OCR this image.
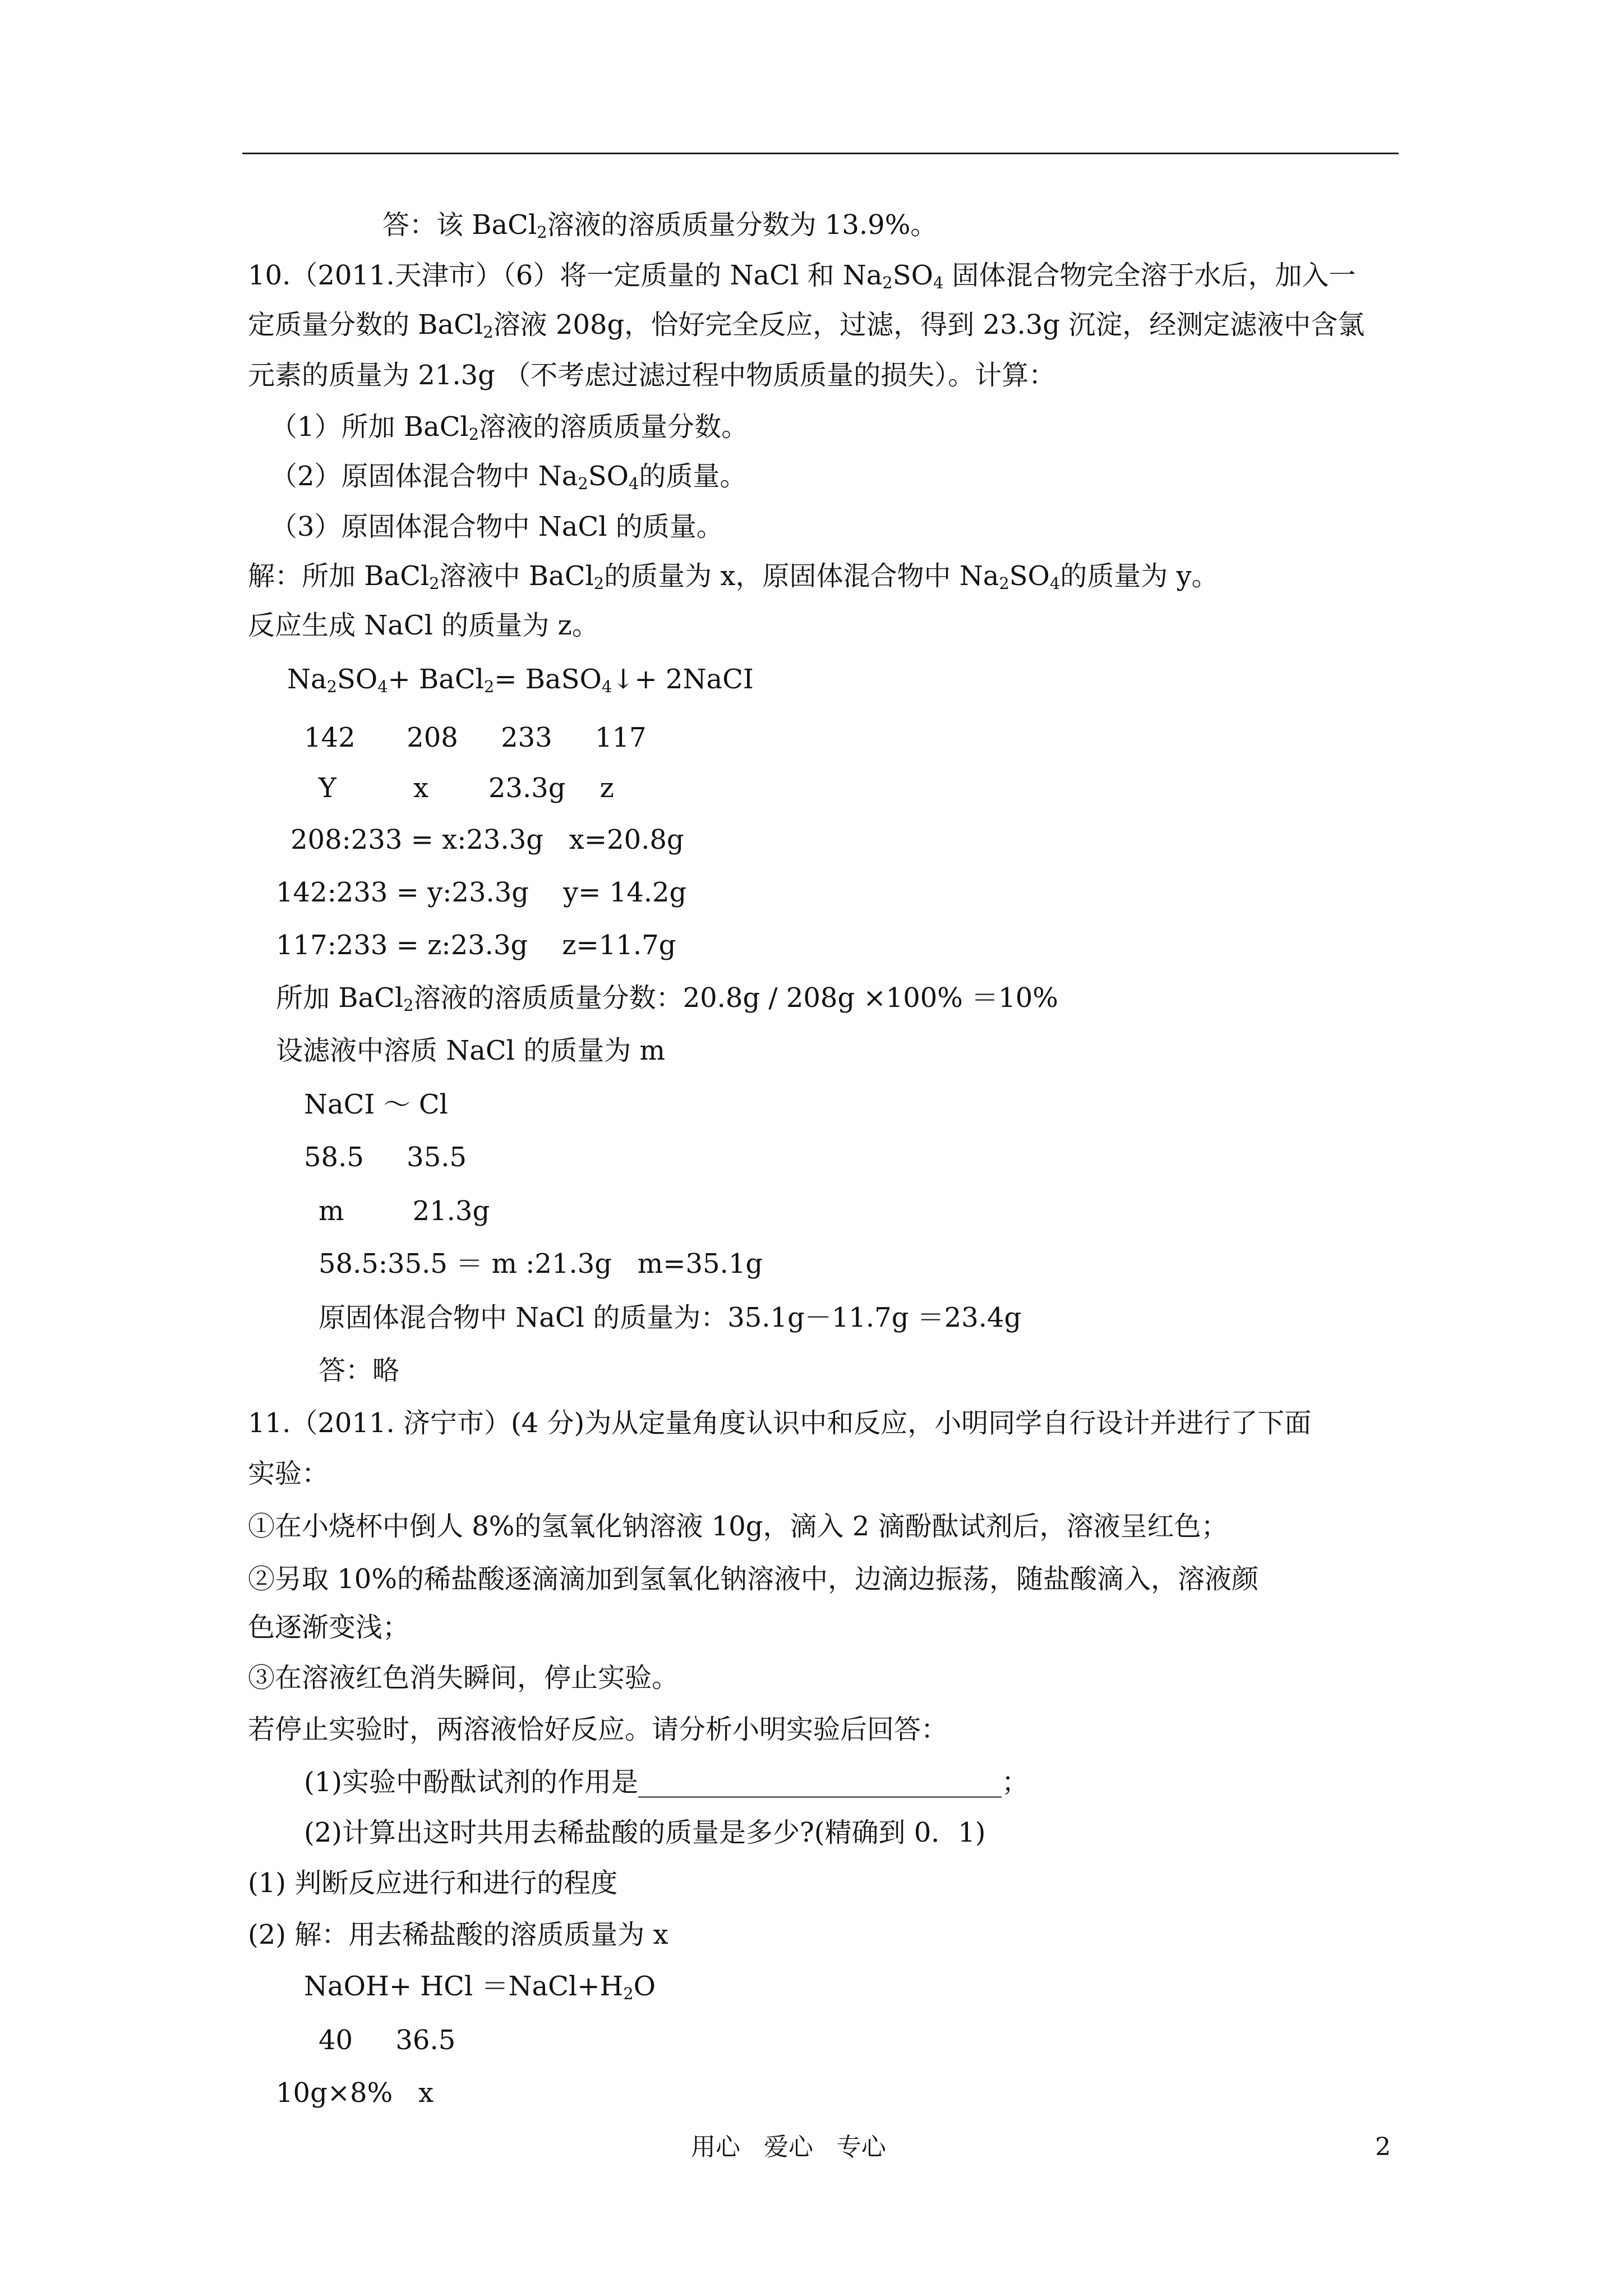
答：该 BaCl$_2$溶液的溶质质量分数为 13.9%。
10.（2011.天津市）（6）将一定质量的 NaCl 和 $Na_2SO_4$ 固体混合物完全溶于水后，加入一
定质量分数的 BaCl$_2$溶液 208g，恰好完全反应，过滤，得到 23.3g 沉淀，经测定滤液中含氯
元素的质量为 21.3g （不考虑过滤过程中物质质量的损失）。计算：
（1）所加 BaCl$_2$溶液的溶质质量分数。
（2）原固体混合物中 $Na_2SO_4$的质量。
（3）原固体混合物中 NaCl 的质量。
解：所加 BaCl$_2$溶液中 BaCl$_2$的质量为 x，原固体混合物中 $Na_2SO_4$的质量为 y。
反应生成 NaCl 的质量为 z。
$Na_2SO_4+$ BaCl$_2$= BaSO$_4$↓+ 2NaCI
142      208     233     117
Y         x       23.3g    z
208:233 = x:23.3g   x=20.8g
142:233 = y:23.3g    y= 14.2g
117:233 = z:23.3g    z=11.7g
所加 BaCl$_2$溶液的溶质质量分数：20.8g / 208g ×100% ＝10%
设滤液中溶质 NaCl 的质量为 m
NaCI ～ Cl
58.5     35.5
m        21.3g
58.5:35.5 ＝ m :21.3g   m=35.1g
原固体混合物中 NaCl 的质量为：35.1g－11.7g ＝23.4g
答：略
11.（2011. 济宁市）(4 分)为从定量角度认识中和反应，小明同学自行设计并进行了下面
实验：
①在小烧杯中倒人 8%的氢氧化钠溶液 10g，滴入 2 滴酚酞试剂后，溶液呈红色；
②另取 10%的稀盐酸逐滴滴加到氢氧化钠溶液中，边滴边振荡，随盐酸滴入，溶液颜
色逐渐变浅；
③在溶液红色消失瞬间，停止实验。
若停止实验时，两溶液恰好反应。请分析小明实验后回答：
(1)实验中酚酞试剂的作用是___________________________；
(2)计算出这时共用去稀盐酸的质量是多少?(精确到 0．1)
(1) 判断反应进行和进行的程度
(2) 解：用去稀盐酸的溶质质量为 x
NaOH+ HCl $=NaCl+H_2O$
40     36.5
10g×8%   x
用心   爱心   专心	2
